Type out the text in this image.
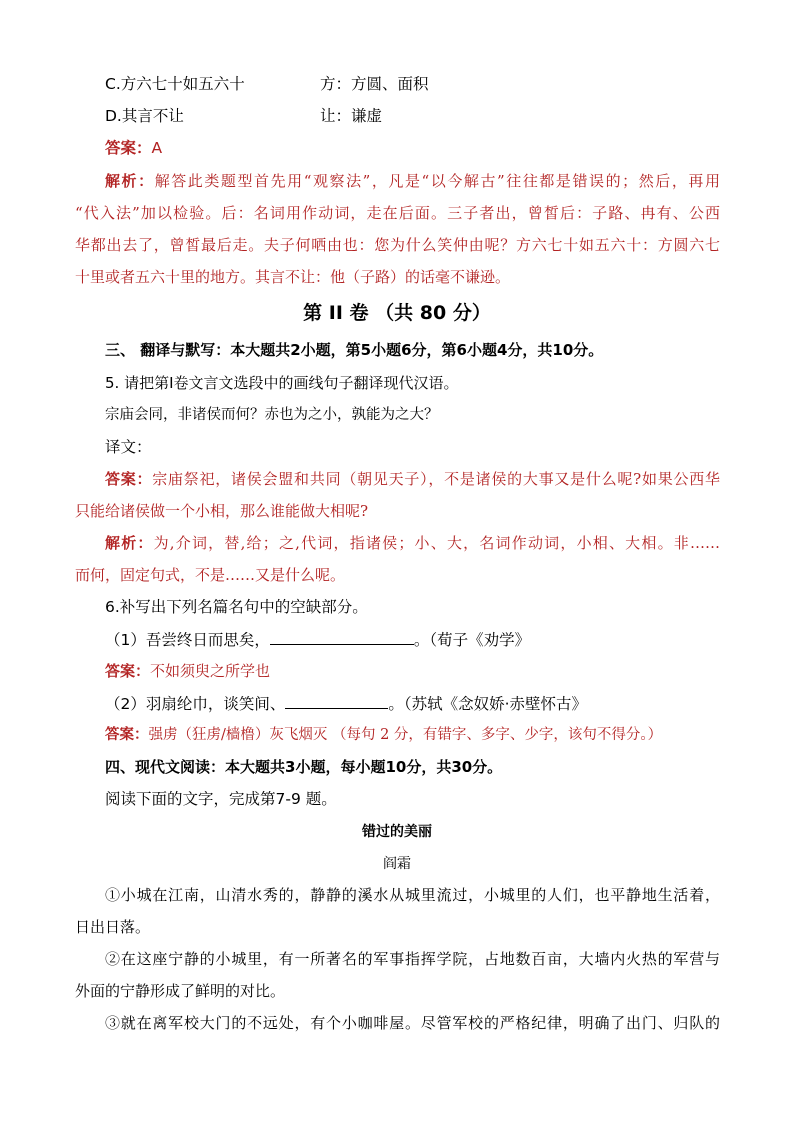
C.方六七十如五六十	方：方圆、面积
D.其言不让	让：谦虚
答案：A
解析：解答此类题型首先用“观察法”，凡是“以今解古”往往都是错误的；然后，再用
“代入法”加以检验。后：名词用作动词，走在后面。三子者出，曾皙后：子路、冉有、公西
华都出去了，曾皙最后走。夫子何哂由也：您为什么笑仲由呢？方六七十如五六十：方圆六七
十里或者五六十里的地方。其言不让：他（子路）的话毫不谦逊。
第 II 卷 （共 80 分）
三、 翻译与默写：本大题共2小题，第5小题6分，第6小题4分，共10分。
5. 请把第I卷文言文选段中的画线句子翻译现代汉语。
宗庙会同，非诸侯而何？赤也为之小，孰能为之大？
译文：
答案：宗庙祭祀，诸侯会盟和共同（朝见天子），不是诸侯的大事又是什么呢?如果公西华
只能给诸侯做一个小相，那么谁能做大相呢?
解析：为,介词，替,给；之,代词，指诸侯；小、大，名词作动词，小相、大相。非……
而何，固定句式，不是……又是什么呢。
6.补写出下列名篇名句中的空缺部分。
（1）吾尝终日而思矣，	。（荀子《劝学》
答案：不如须臾之所学也
（2）羽扇纶巾，谈笑间、	。（苏轼《念奴娇·赤壁怀古》
答案：强虏（狂虏/樯橹）灰飞烟灭 （每句 2 分，有错字、多字、少字，该句不得分。）
四、现代文阅读：本大题共3小题，每小题10分，共30分。
阅读下面的文字，完成第7-9 题。
错过的美丽
阎霜
①小城在江南，山清水秀的，静静的溪水从城里流过，小城里的人们，也平静地生活着，
日出日落。
②在这座宁静的小城里，有一所著名的军事指挥学院，占地数百亩，大墙内火热的军营与
外面的宁静形成了鲜明的对比。
③就在离军校大门的不远处，有个小咖啡屋。尽管军校的严格纪律，明确了出门、归队的
